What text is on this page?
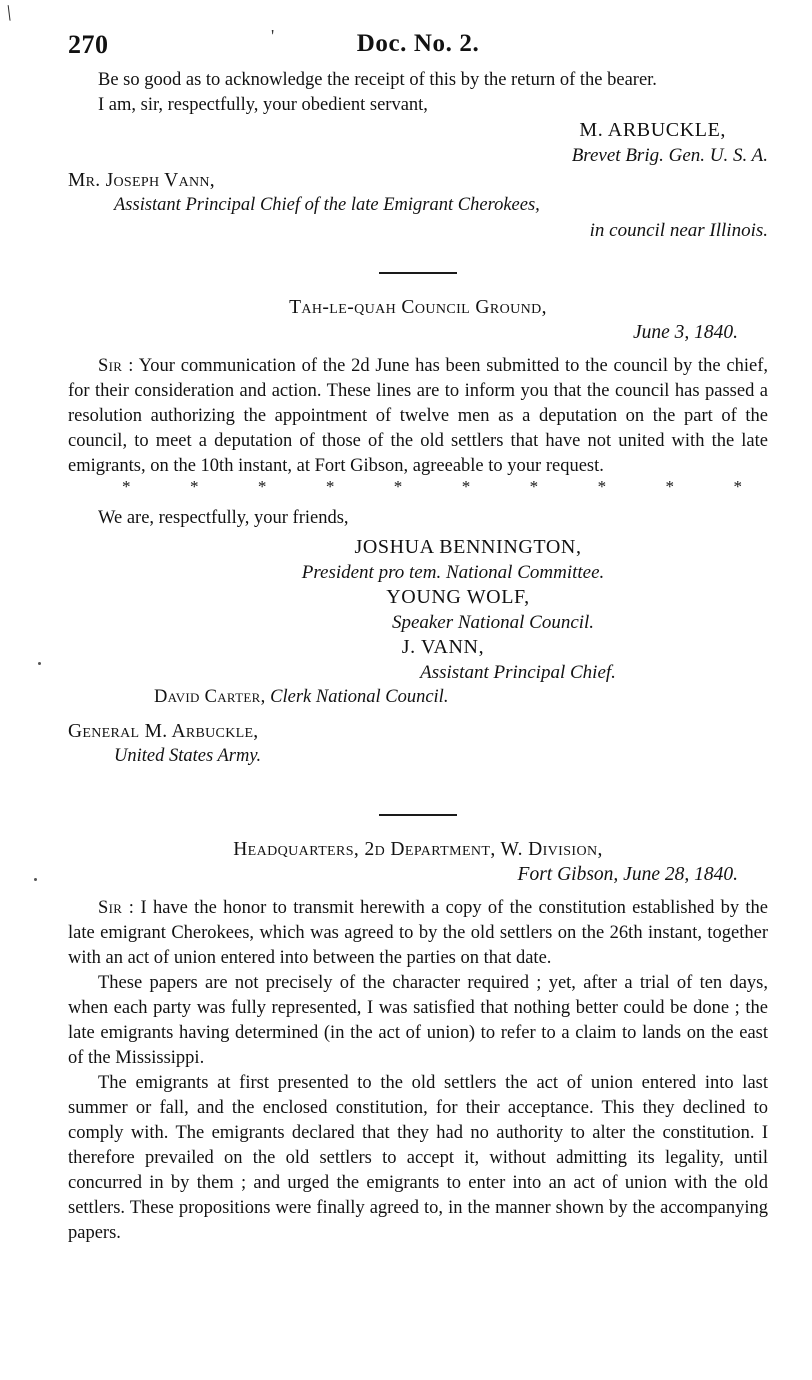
\
270	'	Doc. No. 2.

Be so good as to acknowledge the receipt of this by the return of the bearer.

I am, sir, respectfully, your obedient servant,

M. ARBUCKLE,

Brevet Brig. Gen. U. S. A.

Mr. Joseph Vann,

Assistant Principal Chief of the late Emigrant Cherokees,

in council near Illinois.

Tah-le-quah Council Ground,

June 3, 1840.

Sir : Your communication of the 2d June has been submitted to the council by the chief, for their consideration and action. These lines are to inform you that the council has passed a resolution authorizing the appointment of twelve men as a deputation on the part of the council, to meet a deputation of those of the old settlers that have not united with the late emigrants, on the 10th instant, at Fort Gibson, agreeable to your request.

*	*	*	*	*	*	*	*	*	*

We are, respectfully, your friends,

JOSHUA BENNINGTON,

President pro tem. National Committee.

YOUNG WOLF,

Speaker National Council.

J. VANN,

Assistant Principal Chief.

David Carter, Clerk National Council.

General M. Arbuckle,

United States Army.

Headquarters, 2d Department, W. Division,

Fort Gibson, June 28, 1840.

Sir : I have the honor to transmit herewith a copy of the constitution established by the late emigrant Cherokees, which was agreed to by the old settlers on the 26th instant, together with an act of union entered into between the parties on that date.

These papers are not precisely of the character required ; yet, after a trial of ten days, when each party was fully represented, I was satisfied that nothing better could be done ; the late emigrants having determined (in the act of union) to refer to a claim to lands on the east of the Mississippi.

The emigrants at first presented to the old settlers the act of union entered into last summer or fall, and the enclosed constitution, for their acceptance. This they declined to comply with. The emigrants declared that they had no authority to alter the constitution. I therefore prevailed on the old settlers to accept it, without admitting its legality, until concurred in by them ; and urged the emigrants to enter into an act of union with the old settlers. These propositions were finally agreed to, in the manner shown by the accompanying papers.
